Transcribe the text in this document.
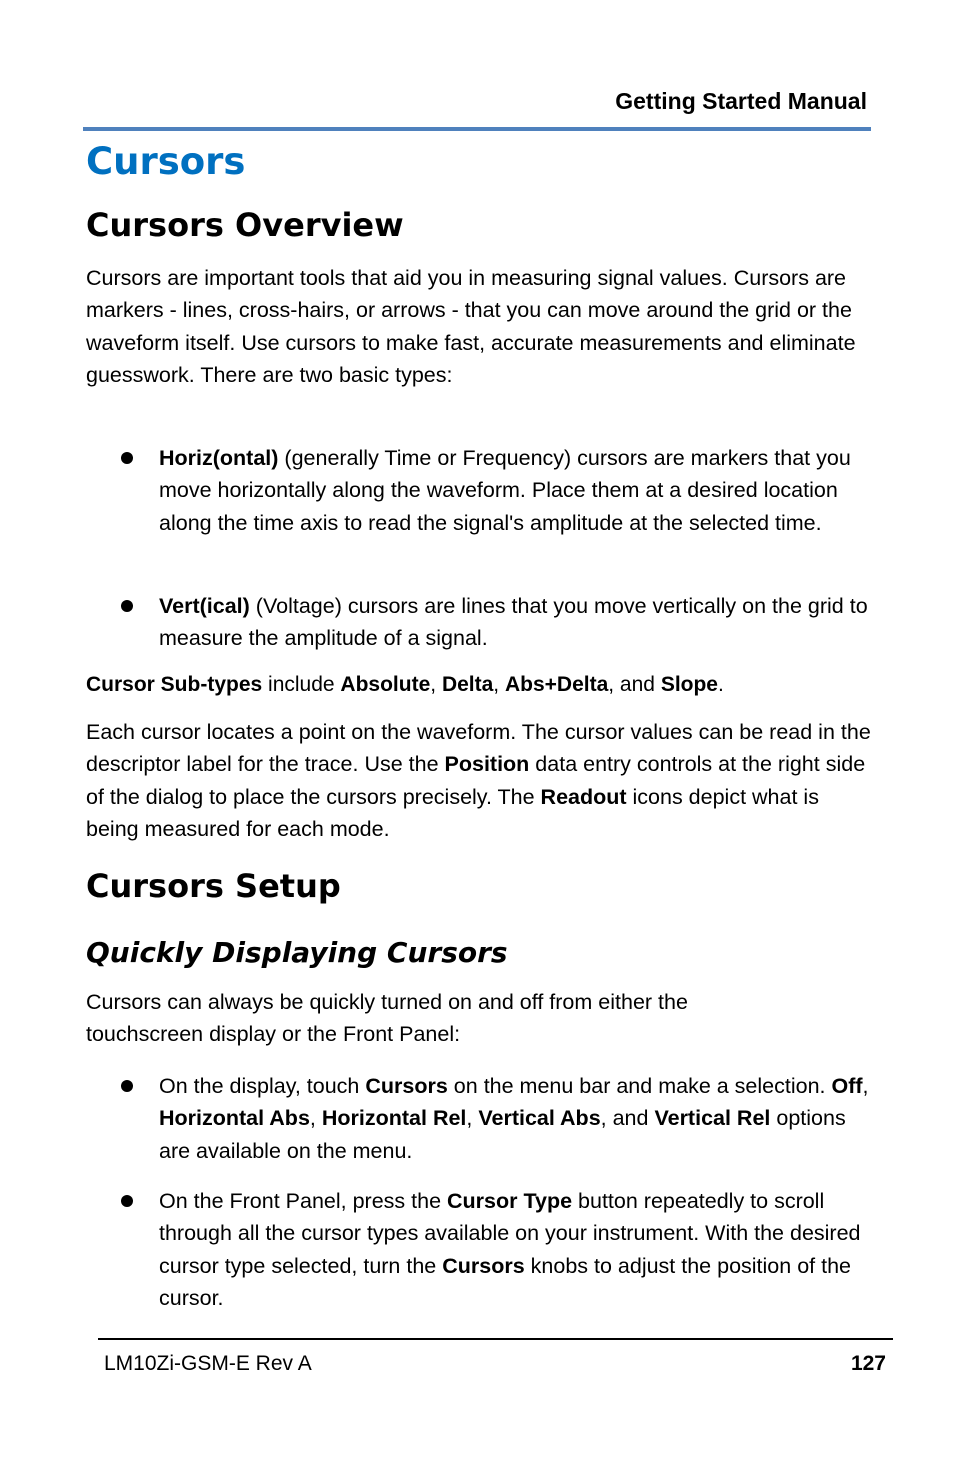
Getting Started Manual
Cursors
Cursors Overview

Cursors are important tools that aid you in measuring signal values. Cursors are markers - lines, cross-hairs, or arrows - that you can move around the grid or the waveform itself. Use cursors to make fast, accurate measurements and eliminate guesswork. There are two basic types:

Horiz(ontal) (generally Time or Frequency) cursors are markers that you move horizontally along the waveform. Place them at a desired location along the time axis to read the signal's amplitude at the selected time.

Vert(ical) (Voltage) cursors are lines that you move vertically on the grid to measure the amplitude of a signal.

Cursor Sub-types include Absolute, Delta, Abs+Delta, and Slope.

Each cursor locates a point on the waveform. The cursor values can be read in the descriptor label for the trace. Use the Position data entry controls at the right side of the dialog to place the cursors precisely. The Readout icons depict what is being measured for each mode.

Cursors Setup
Quickly Displaying Cursors

Cursors can always be quickly turned on and off from either the touchscreen display or the Front Panel:

On the display, touch Cursors on the menu bar and make a selection. Off, Horizontal Abs, Horizontal Rel, Vertical Abs, and Vertical Rel options are available on the menu.

On the Front Panel, press the Cursor Type button repeatedly to scroll through all the cursor types available on your instrument. With the desired cursor type selected, turn the Cursors knobs to adjust the position of the cursor.

LM10Zi-GSM-E Rev A	127
